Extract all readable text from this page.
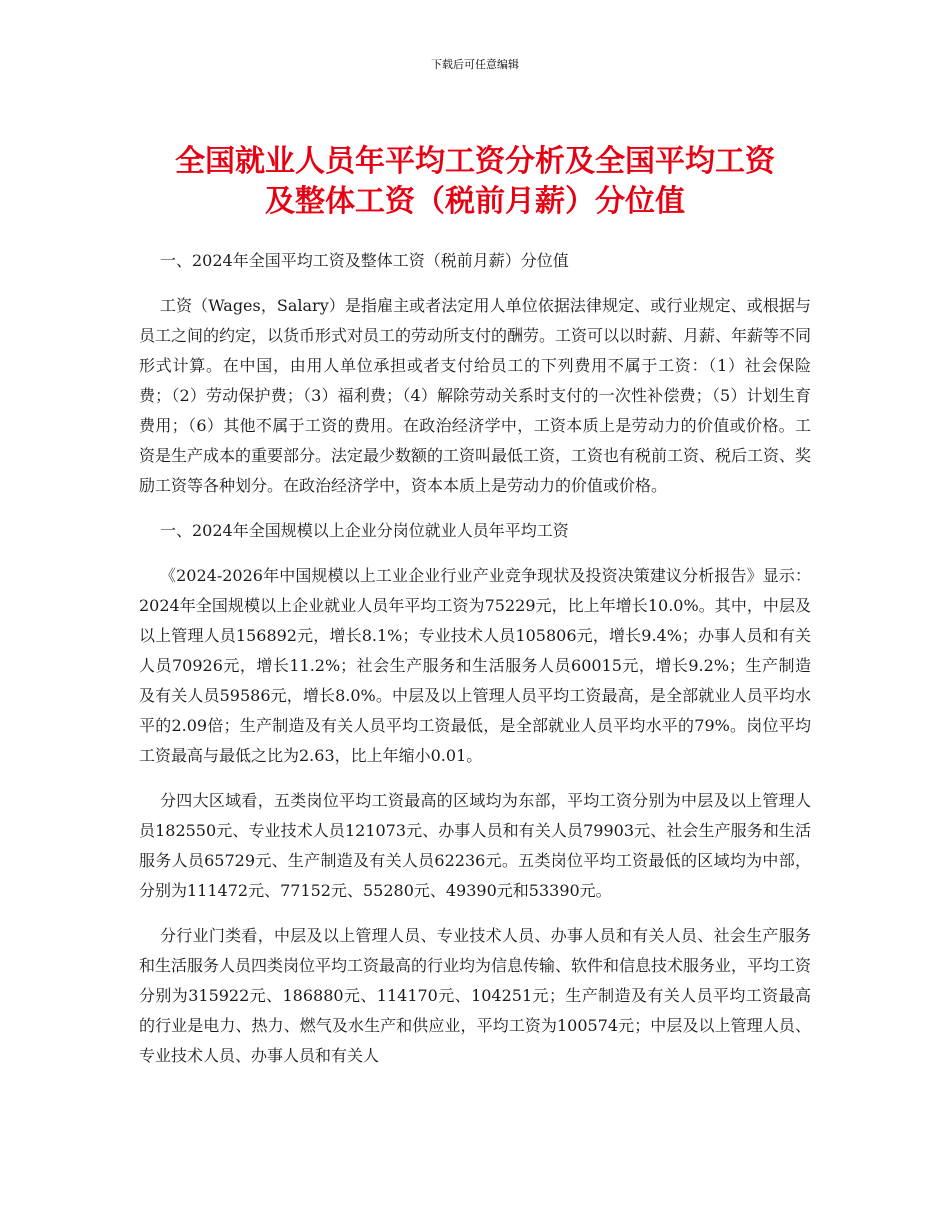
下载后可任意编辑
全国就业人员年平均工资分析及全国平均工资
及整体工资（税前月薪）分位值

一、2024年全国平均工资及整体工资（税前月薪）分位值

工资（Wages，Salary）是指雇主或者法定用人单位依据法律规定、或行业规定、或根据与员工之间的约定，以货币形式对员工的劳动所支付的酬劳。工资可以以时薪、月薪、年薪等不同形式计算。在中国，由用人单位承担或者支付给员工的下列费用不属于工资：（1）社会保险费；（2）劳动保护费；（3）福利费；（4）解除劳动关系时支付的一次性补偿费；（5）计划生育费用；（6）其他不属于工资的费用。在政治经济学中，工资本质上是劳动力的价值或价格。工资是生产成本的重要部分。法定最少数额的工资叫最低工资，工资也有税前工资、税后工资、奖励工资等各种划分。在政治经济学中，资本本质上是劳动力的价值或价格。

一、2024年全国规模以上企业分岗位就业人员年平均工资

《2024-2026年中国规模以上工业企业行业产业竞争现状及投资决策建议分析报告》显示：2024年全国规模以上企业就业人员年平均工资为75229元，比上年增长10.0%。其中，中层及以上管理人员156892元，增长8.1%；专业技术人员105806元，增长9.4%；办事人员和有关人员70926元，增长11.2%；社会生产服务和生活服务人员60015元，增长9.2%；生产制造及有关人员59586元，增长8.0%。中层及以上管理人员平均工资最高，是全部就业人员平均水平的2.09倍；生产制造及有关人员平均工资最低，是全部就业人员平均水平的79%。岗位平均工资最高与最低之比为2.63，比上年缩小0.01。

分四大区域看，五类岗位平均工资最高的区域均为东部，平均工资分别为中层及以上管理人员182550元、专业技术人员121073元、办事人员和有关人员79903元、社会生产服务和生活服务人员65729元、生产制造及有关人员62236元。五类岗位平均工资最低的区域均为中部，分别为111472元、77152元、55280元、49390元和53390元。

分行业门类看，中层及以上管理人员、专业技术人员、办事人员和有关人员、社会生产服务和生活服务人员四类岗位平均工资最高的行业均为信息传输、软件和信息技术服务业，平均工资分别为315922元、186880元、114170元、104251元；生产制造及有关人员平均工资最高的行业是电力、热力、燃气及水生产和供应业，平均工资为100574元；中层及以上管理人员、专业技术人员、办事人员和有关人
